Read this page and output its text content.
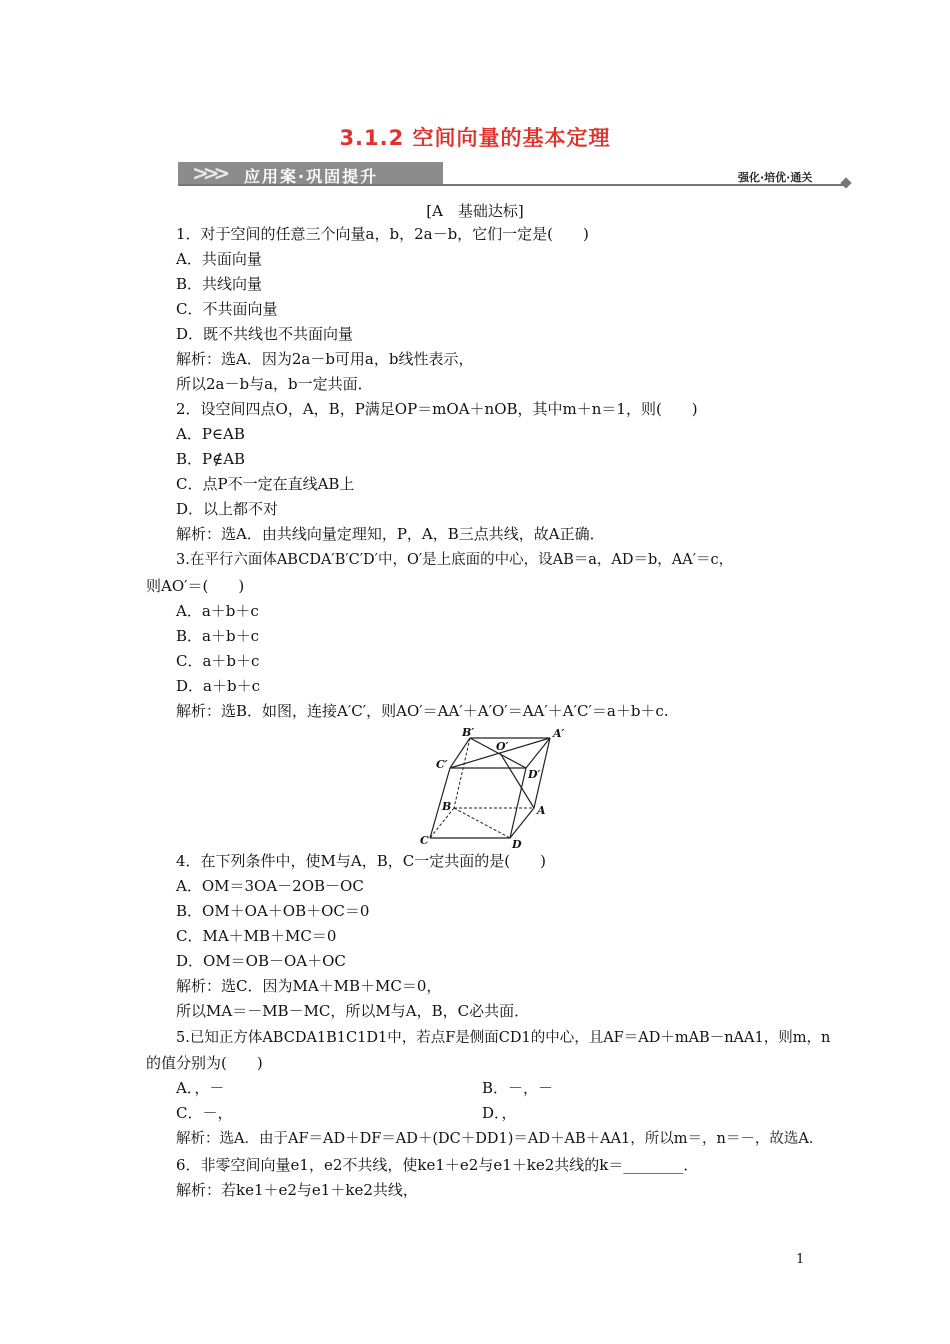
3.1.2 空间向量的基本定理
>>> 应用案·巩固提升	强化·培优·通关
[A　基础达标]
1．对于空间的任意三个向量a，b，2a－b，它们一定是(　　)
A．共面向量
B．共线向量
C．不共面向量
D．既不共线也不共面向量
解析：选A．因为2a－b可用a，b线性表示，
所以2a－b与a，b一定共面．
2．设空间四点O，A，B，P满足OP＝mOA＋nOB，其中m＋n＝1，则(　　)
A．P∈AB
B．P∉AB
C．点P不一定在直线AB上
D．以上都不对
解析：选A．由共线向量定理知，P，A，B三点共线，故A正确．
3.在平行六面体ABCDA′B′C′D′中，O′是上底面的中心，设AB＝a，AD＝b，AA′＝c，
则AO′＝(　　)
A．a＋b＋c
B．a＋b＋c
C．a＋b＋c
D．a＋b＋c
解析：选B．如图，连接A′C′，则AO′＝AA′＋A′O′＝AA′＋A′C′＝a＋b＋c.
B′
O′
A′
C′
D′
B	A
C	D
4．在下列条件中，使M与A，B，C一定共面的是(　　)
A．OM＝3OA－2OB－OC
B．OM＋OA＋OB＋OC＝0
C．MA＋MB＋MC＝0
D．OM＝OB－OA＋OC
解析：选C．因为MA＋MB＋MC＝0，
所以MA＝－MB－MC，所以M与A，B，C必共面．
5.已知正方体ABCDA1B1C1D1中，若点F是侧面CD1的中心，且AF＝AD＋mAB－nAA1，则m，n
的值分别为(　　)
A．，－	B．－，－
C．－，	D．，
解析：选A．由于AF＝AD＋DF＝AD＋(DC＋DD1)＝AD＋AB＋AA1，所以m＝，n＝－，故选A．
6．非零空间向量e1，e2不共线，使ke1＋e2与e1＋ke2共线的k＝________．
解析：若ke1＋e2与e1＋ke2共线，
1
